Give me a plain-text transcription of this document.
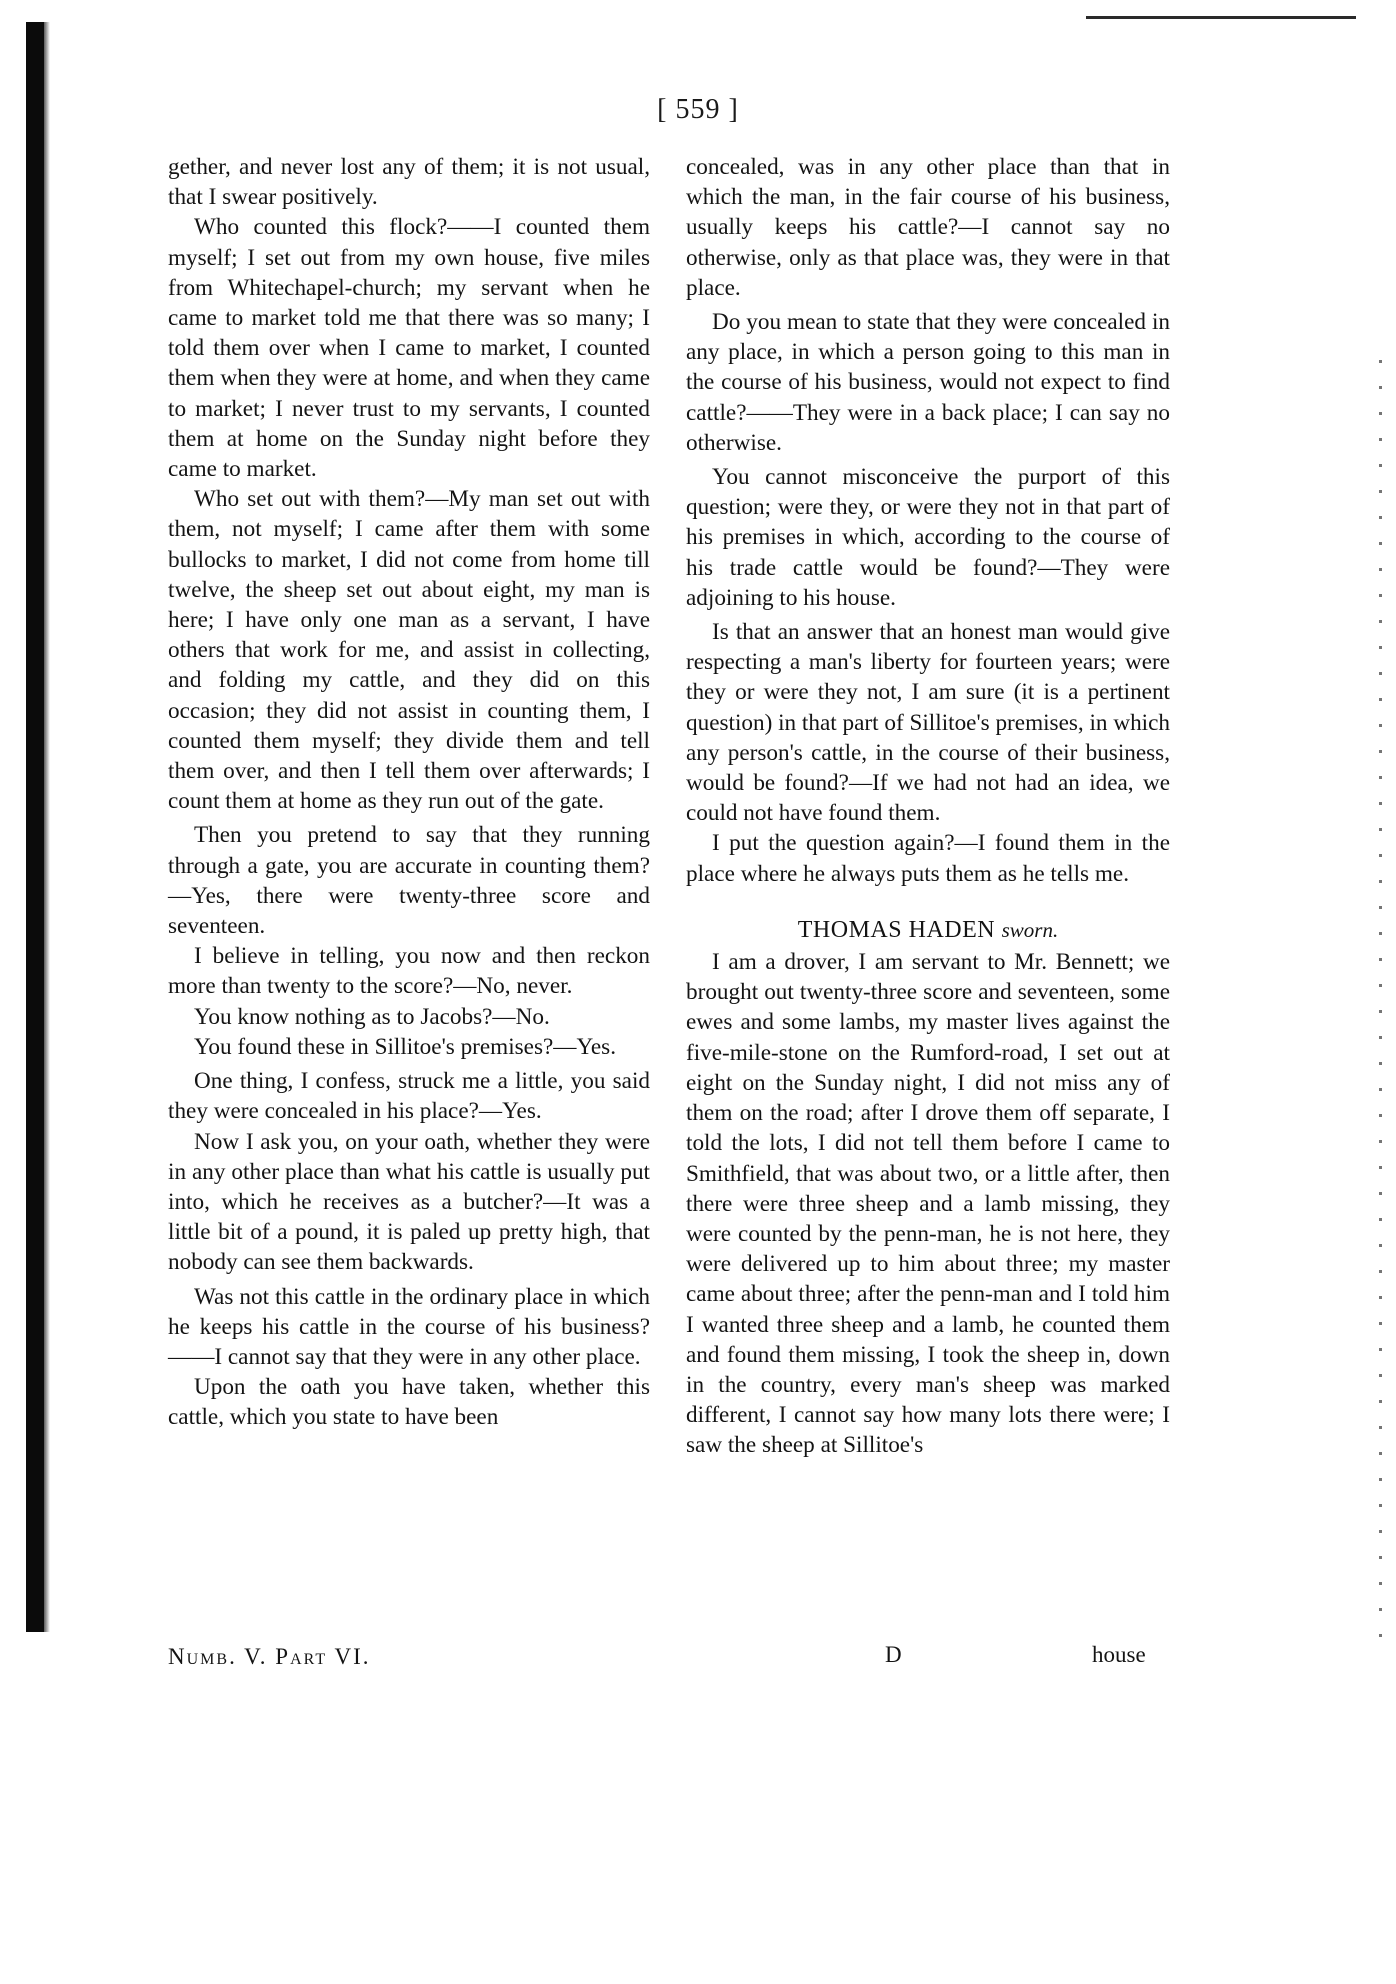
[ 559 ]

gether, and never lost any of them; it is not usual, that I swear positively.

Who counted this flock?——I counted them myself; I set out from my own house, five miles from Whitechapel-church; my servant when he came to market told me that there was so many; I told them over when I came to market, I counted them when they were at home, and when they came to market; I never trust to my servants, I counted them at home on the Sunday night before they came to market.

Who set out with them?—My man set out with them, not myself; I came after them with some bullocks to market, I did not come from home till twelve, the sheep set out about eight, my man is here; I have only one man as a servant, I have others that work for me, and assist in collecting, and folding my cattle, and they did on this occasion; they did not assist in counting them, I counted them myself; they divide them and tell them over, and then I tell them over afterwards; I count them at home as they run out of the gate.

Then you pretend to say that they running through a gate, you are accurate in counting them?—Yes, there were twenty-three score and seventeen.

I believe in telling, you now and then reckon more than twenty to the score?—No, never.

You know nothing as to Jacobs?—No.

You found these in Sillitoe's premises?—Yes.

One thing, I confess, struck me a little, you said they were concealed in his place?—Yes.

Now I ask you, on your oath, whether they were in any other place than what his cattle is usually put into, which he receives as a butcher?—It was a little bit of a pound, it is paled up pretty high, that nobody can see them backwards.

Was not this cattle in the ordinary place in which he keeps his cattle in the course of his business?——I cannot say that they were in any other place.

Upon the oath you have taken, whether this cattle, which you state to have been

concealed, was in any other place than that in which the man, in the fair course of his business, usually keeps his cattle?—I cannot say no otherwise, only as that place was, they were in that place.

Do you mean to state that they were concealed in any place, in which a person going to this man in the course of his business, would not expect to find cattle?——They were in a back place; I can say no otherwise.

You cannot misconceive the purport of this question; were they, or were they not in that part of his premises in which, according to the course of his trade cattle would be found?—They were adjoining to his house.

Is that an answer that an honest man would give respecting a man's liberty for fourteen years; were they or were they not, I am sure (it is a pertinent question) in that part of Sillitoe's premises, in which any person's cattle, in the course of their business, would be found?—If we had not had an idea, we could not have found them.

I put the question again?—I found them in the place where he always puts them as he tells me.

THOMAS HADEN sworn.

I am a drover, I am servant to Mr. Bennett; we brought out twenty-three score and seventeen, some ewes and some lambs, my master lives against the five-mile-stone on the Rumford-road, I set out at eight on the Sunday night, I did not miss any of them on the road; after I drove them off separate, I told the lots, I did not tell them before I came to Smithfield, that was about two, or a little after, then there were three sheep and a lamb missing, they were counted by the penn-man, he is not here, they were delivered up to him about three; my master came about three; after the penn-man and I told him I wanted three sheep and a lamb, he counted them and found them missing, I took the sheep in, down in the country, every man's sheep was marked different, I cannot say how many lots there were; I saw the sheep at Sillitoe's

Numb. V. Part VI.	D	house
